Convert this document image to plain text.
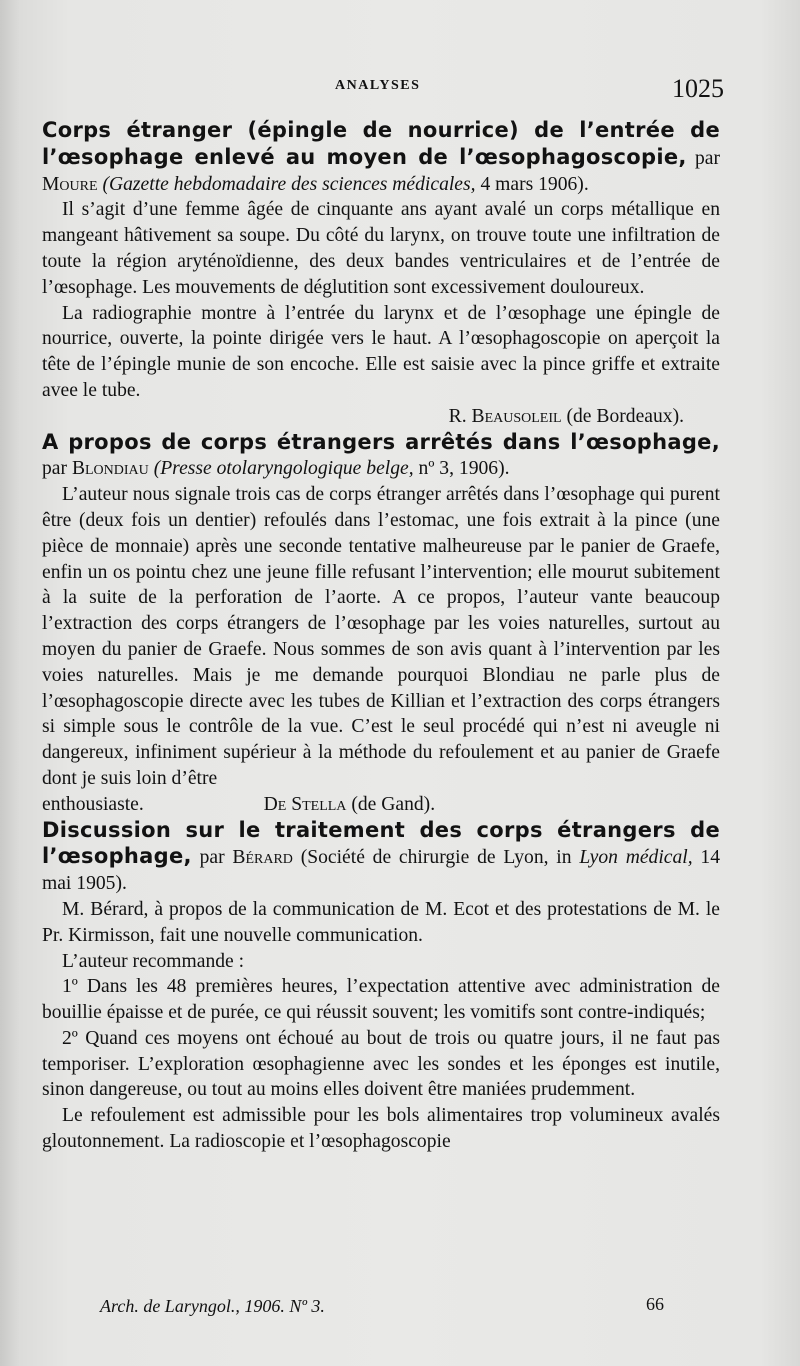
ANALYSES	1025

Corps étranger (épingle de nourrice) de l’entrée de l’œsophage enlevé au moyen de l’œsophagoscopie, par Moure (Gazette hebdomadaire des sciences médicales, 4 mars 1906).

Il s’agit d’une femme âgée de cinquante ans ayant avalé un corps métallique en mangeant hâtivement sa soupe. Du côté du larynx, on trouve toute une infiltration de toute la région aryténoïdienne, des deux bandes ventriculaires et de l’entrée de l’œsophage. Les mouvements de déglutition sont excessivement douloureux.

La radiographie montre à l’entrée du larynx et de l’œsophage une épingle de nourrice, ouverte, la pointe dirigée vers le haut. A l’œsophagoscopie on aperçoit la tête de l’épingle munie de son encoche. Elle est saisie avec la pince griffe et extraite avee le tube.

R. Beausoleil (de Bordeaux).

A propos de corps étrangers arrêtés dans l’œsophage, par Blondiau (Presse otolaryngologique belge, nº 3, 1906).

L’auteur nous signale trois cas de corps étranger arrêtés dans l’œsophage qui purent être (deux fois un dentier) refoulés dans l’estomac, une fois extrait à la pince (une pièce de monnaie) après une seconde tentative malheureuse par le panier de Graefe, enfin un os pointu chez une jeune fille refusant l’intervention; elle mourut subitement à la suite de la perforation de l’aorte. A ce propos, l’auteur vante beaucoup l’extraction des corps étrangers de l’œsophage par les voies naturelles, surtout au moyen du panier de Graefe. Nous sommes de son avis quant à l’intervention par les voies naturelles. Mais je me demande pourquoi Blondiau ne parle plus de l’œsophagoscopie directe avec les tubes de Killian et l’extraction des corps étrangers si simple sous le contrôle de la vue. C’est le seul procédé qui n’est ni aveugle ni dangereux, infiniment supérieur à la méthode du refoulement et au panier de Graefe dont je suis loin d’être

enthousiaste.	De Stella (de Gand).

Discussion sur le traitement des corps étrangers de l’œsophage, par Bérard (Société de chirurgie de Lyon, in Lyon médical, 14 mai 1905).

M. Bérard, à propos de la communication de M. Ecot et des protestations de M. le Pr. Kirmisson, fait une nouvelle communication.

L’auteur recommande :

1º Dans les 48 premières heures, l’expectation attentive avec administration de bouillie épaisse et de purée, ce qui réussit souvent; les vomitifs sont contre-indiqués;

2º Quand ces moyens ont échoué au bout de trois ou quatre jours, il ne faut pas temporiser. L’exploration œsophagienne avec les sondes et les éponges est inutile, sinon dangereuse, ou tout au moins elles doivent être maniées prudemment.

Le refoulement est admissible pour les bols alimentaires trop volumineux avalés gloutonnement. La radioscopie et l’œsophagoscopie

Arch. de Laryngol., 1906. Nº 3.	66
